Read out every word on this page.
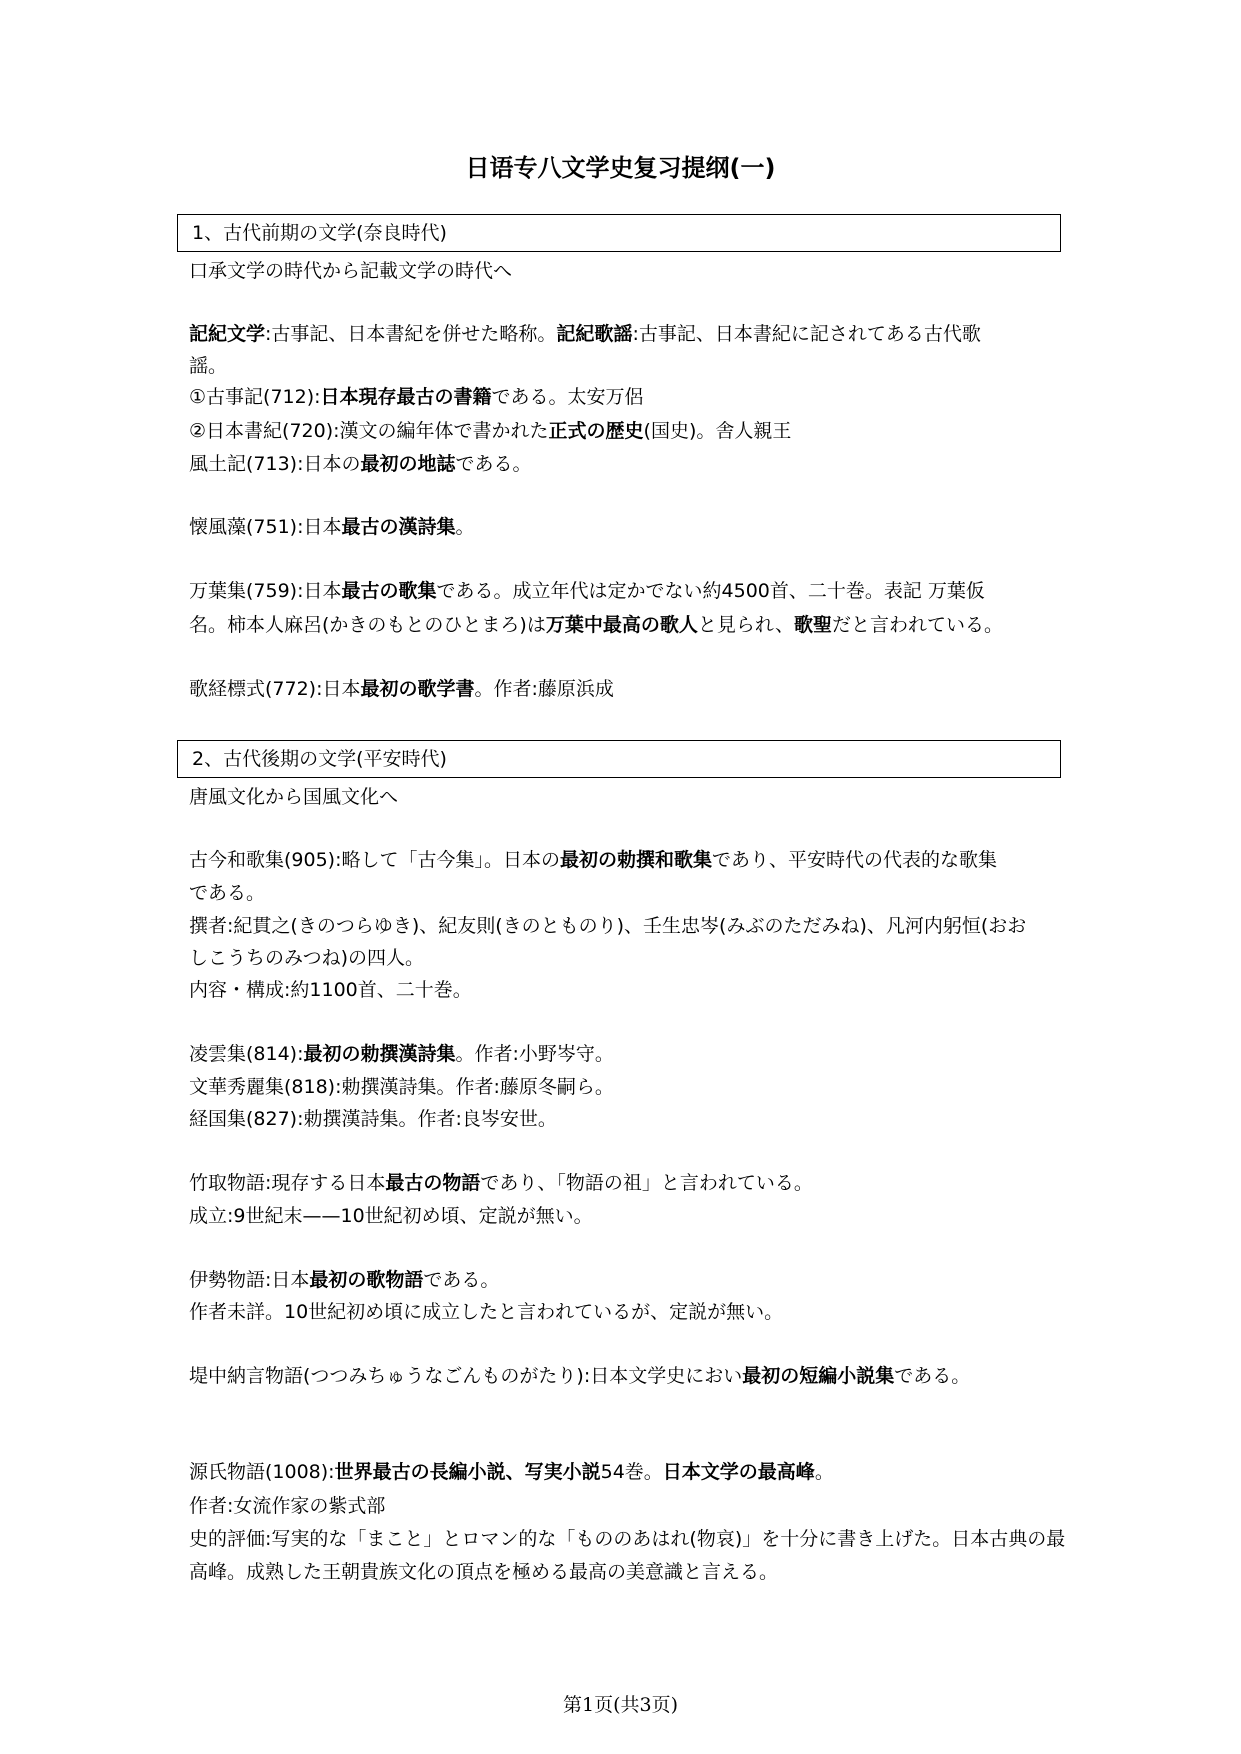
日语专八文学史复习提纲(一)
1、古代前期の文学(奈良時代)
2、古代後期の文学(平安時代)
口承文学の時代から記載文学の時代へ
記紀文学:古事記、日本書紀を併せた略称。記紀歌謡:古事記、日本書紀に記されてある古代歌
謡。
①古事記(712):日本現存最古の書籍である。太安万侶
②日本書紀(720):漢文の編年体で書かれた正式の歴史(国史)。舎人親王
風土記(713):日本の最初の地誌である。
懐風藻(751):日本最古の漢詩集。
万葉集(759):日本最古の歌集である。成立年代は定かでない約4500首、二十巻。表記 万葉仮
名。柿本人麻呂(かきのもとのひとまろ)は万葉中最高の歌人と見られ、歌聖だと言われている。
歌経標式(772):日本最初の歌学書。作者:藤原浜成
唐風文化から国風文化へ
古今和歌集(905):略して「古今集」。日本の最初の勅撰和歌集であり、平安時代の代表的な歌集
である。
撰者:紀貫之(きのつらゆき)、紀友則(きのとものり)、壬生忠岑(みぶのただみね)、凡河内躬恒(おお
しこうちのみつね)の四人。
内容・構成:約1100首、二十巻。
凌雲集(814):最初の勅撰漢詩集。作者:小野岑守。
文華秀麗集(818):勅撰漢詩集。作者:藤原冬嗣ら。
経国集(827):勅撰漢詩集。作者:良岑安世。
竹取物語:現存する日本最古の物語であり、「物語の祖」と言われている。
成立:9世紀末——10世紀初め頃、定説が無い。
伊勢物語:日本最初の歌物語である。
作者未詳。10世紀初め頃に成立したと言われているが、定説が無い。
堤中納言物語(つつみちゅうなごんものがたり):日本文学史におい最初の短編小説集である。
源氏物語(1008):世界最古の長編小説、写実小説54巻。日本文学の最高峰。
作者:女流作家の紫式部
史的評価:写実的な「まこと」とロマン的な「もののあはれ(物哀)」を十分に書き上げた。日本古典の最
高峰。成熟した王朝貴族文化の頂点を極める最高の美意識と言える。
第1页(共3页)
